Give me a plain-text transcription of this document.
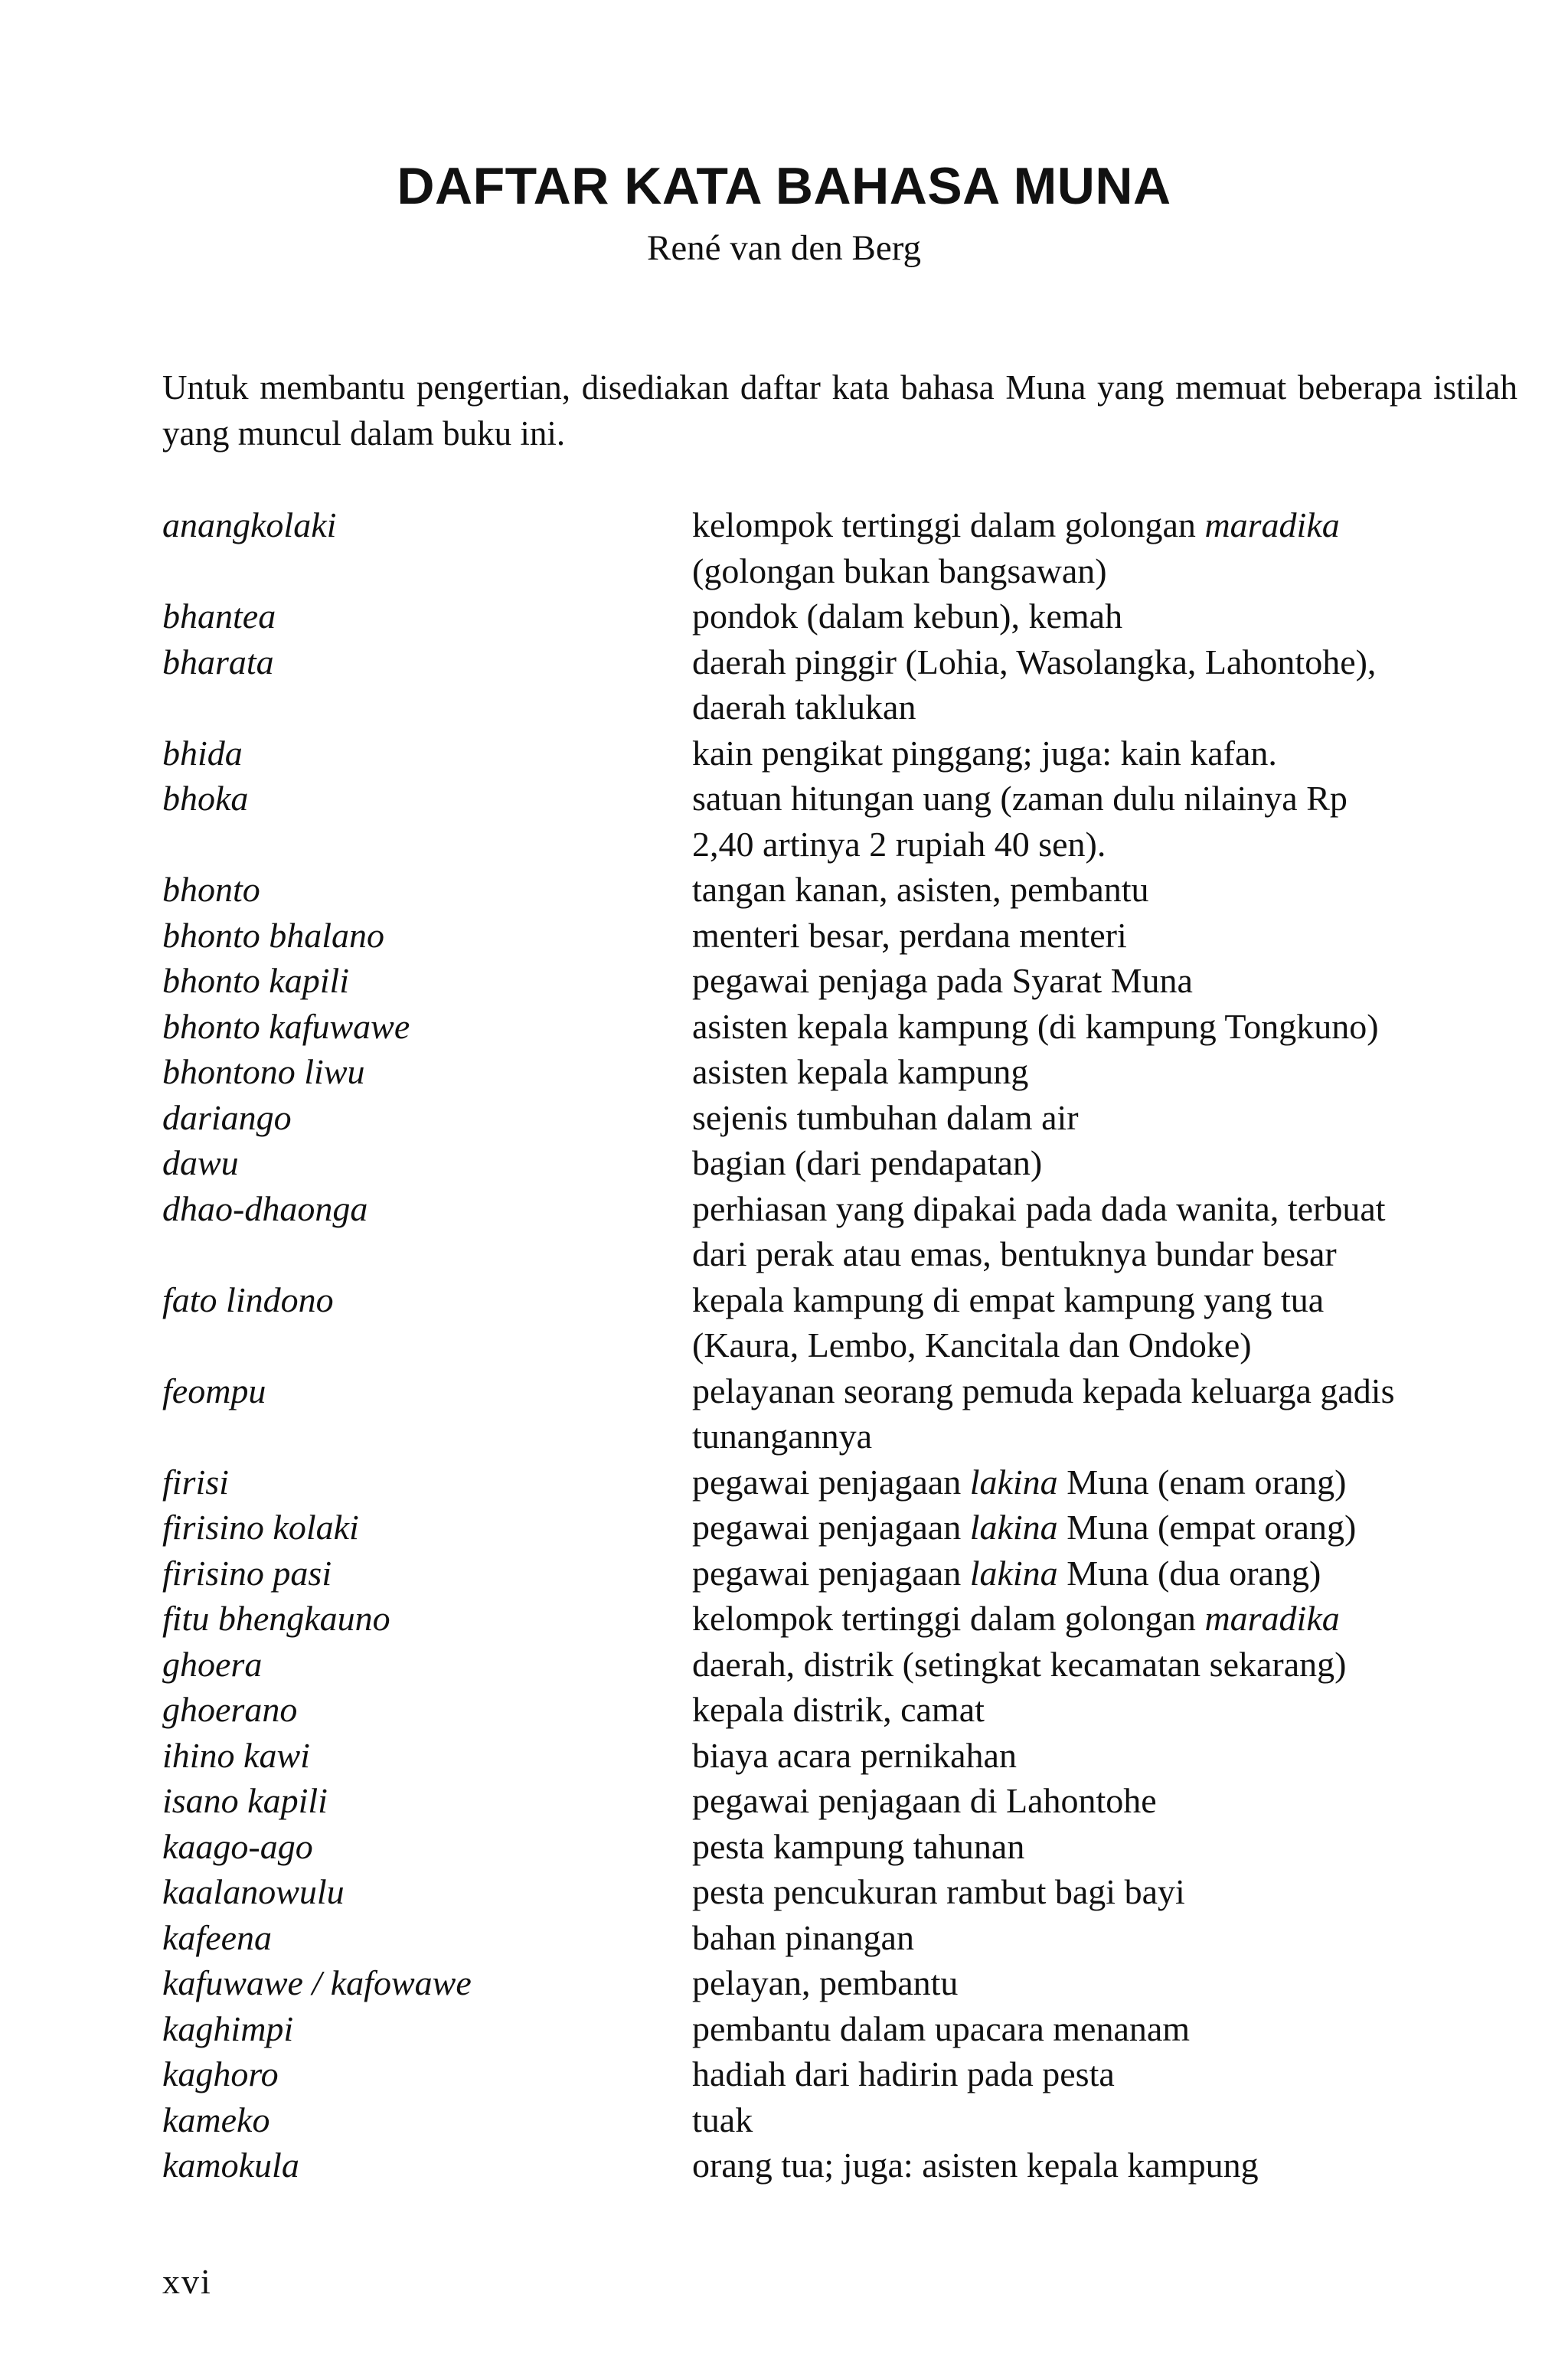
DAFTAR KATA BAHASA MUNA
René van den Berg
Untuk membantu pengertian, disediakan daftar kata bahasa Muna yang memuat beberapa istilah yang muncul dalam buku ini.
anangkolaki	kelompok tertinggi dalam golongan maradika
(golongan bukan bangsawan)
bhantea	pondok (dalam kebun), kemah
bharata	daerah pinggir (Lohia, Wasolangka, Lahontohe),
daerah taklukan
bhida	kain pengikat pinggang; juga: kain kafan.
bhoka	satuan hitungan uang (zaman dulu nilainya Rp
2,40 artinya 2 rupiah 40 sen).
bhonto	tangan kanan, asisten, pembantu
bhonto bhalano	menteri besar, perdana menteri
bhonto kapili	pegawai penjaga pada Syarat Muna
bhonto kafuwawe	asisten kepala kampung (di kampung Tongkuno)
bhontono liwu	asisten kepala kampung
dariango	sejenis tumbuhan dalam air
dawu	bagian (dari pendapatan)
dhao-dhaonga	perhiasan yang dipakai pada dada wanita, terbuat
dari perak atau emas, bentuknya bundar besar
fato lindono	kepala kampung di empat kampung yang tua
(Kaura, Lembo, Kancitala dan Ondoke)
feompu	pelayanan seorang pemuda kepada keluarga gadis
tunangannya
firisi	pegawai penjagaan lakina Muna (enam orang)
firisino kolaki	pegawai penjagaan lakina Muna (empat orang)
firisino pasi	pegawai penjagaan lakina Muna (dua orang)
fitu bhengkauno	kelompok tertinggi dalam golongan maradika
ghoera	daerah, distrik (setingkat kecamatan sekarang)
ghoerano	kepala distrik, camat
ihino kawi	biaya acara pernikahan
isano kapili	pegawai penjagaan di Lahontohe
kaago-ago	pesta kampung tahunan
kaalanowulu	pesta pencukuran rambut bagi bayi
kafeena	bahan pinangan
kafuwawe / kafowawe	pelayan, pembantu
kaghimpi	pembantu dalam upacara menanam
kaghoro	hadiah dari hadirin pada pesta
kameko	tuak
kamokula	orang tua; juga: asisten kepala kampung
xvi
